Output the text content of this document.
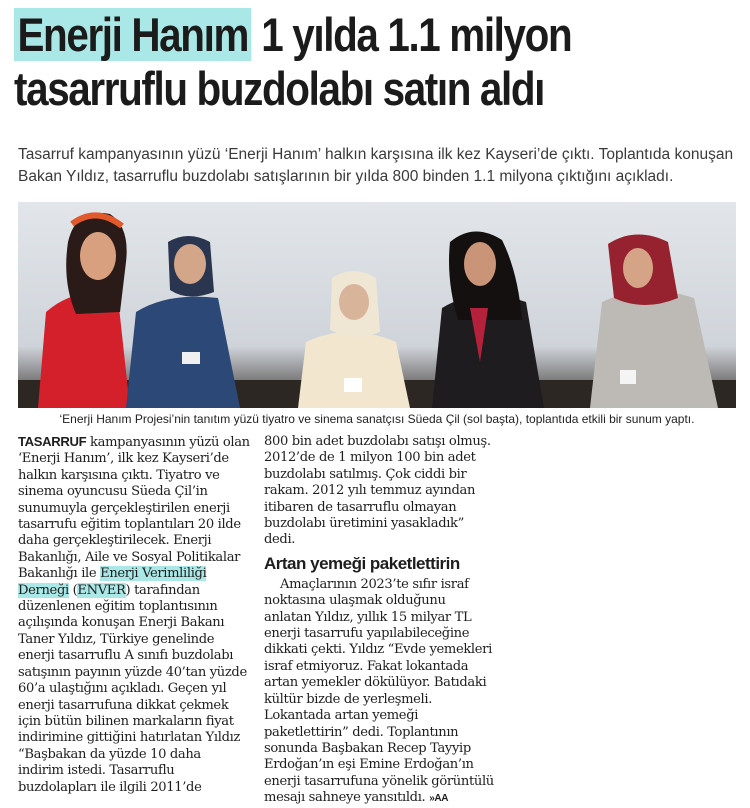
Enerji Hanım 1 yılda 1.1 milyon
tasarruflu buzdolabı satın aldı
Tasarruf kampanyasının yüzü ‘Enerji Hanım’ halkın karşısına ilk kez Kayseri’de çıktı. Toplantıda konuşan Bakan Yıldız, tasarruflu buzdolabı satışlarının bir yılda 800 binden 1.1 milyona çıktığını açıkladı.
‘Enerji Hanım Projesi’nin tanıtım yüzü tiyatro ve sinema sanatçısı Süeda Çil (sol başta), toplantıda etkili bir sunum yaptı.

TASARRUF kampanyasının yüzü olan ‘Enerji Hanım’, ilk kez Kayseri’de halkın karşısına çıktı. Tiyatro ve sinema oyuncusu Süeda Çil’in sunumuyla gerçekleştirilen enerji tasarrufu eğitim toplantıları 20 ilde daha gerçekleştirilecek. Enerji Bakanlığı, Aile ve Sosyal Politikalar Bakanlığı ile Enerji Verimliliği Derneği (ENVER) tarafından düzenlenen eğitim toplantısının açılışında konuşan Enerji Bakanı Taner Yıldız, Türkiye genelinde enerji tasarruflu A sınıfı buzdolabı satışının payının yüzde 40’tan yüzde 60’a ulaştığını açıkladı. Geçen yıl enerji tasarrufuna dikkat çekmek için bütün bilinen markaların fiyat indirimine gittiğini hatırlatan Yıldız “Başbakan da yüzde 10 daha indirim istedi. Tasarruflu buzdolapları ile ilgili 2011’de

800 bin adet buzdolabı satışı olmuş. 2012’de de 1 milyon 100 bin adet buzdolabı satılmış. Çok ciddi bir rakam. 2012 yılı temmuz ayından itibaren de tasarruflu olmayan buzdolabı üretimini yasakladık” dedi.

Artan yemeği paketlettirin

Amaçlarının 2023’te sıfır israf noktasına ulaşmak olduğunu anlatan Yıldız, yıllık 15 milyar TL enerji tasarrufu yapılabileceğine dikkati çekti. Yıldız “Evde yemekleri israf etmiyoruz. Fakat lokantada artan yemekler dökülüyor. Batıdaki kültür bizde de yerleşmeli. Lokantada artan yemeği paketlettirin” dedi. Toplantının sonunda Başbakan Recep Tayyip Erdoğan’ın eşi Emine Erdoğan’ın enerji tasarrufuna yönelik görüntülü mesajı sahneye yansıtıldı. »AA
